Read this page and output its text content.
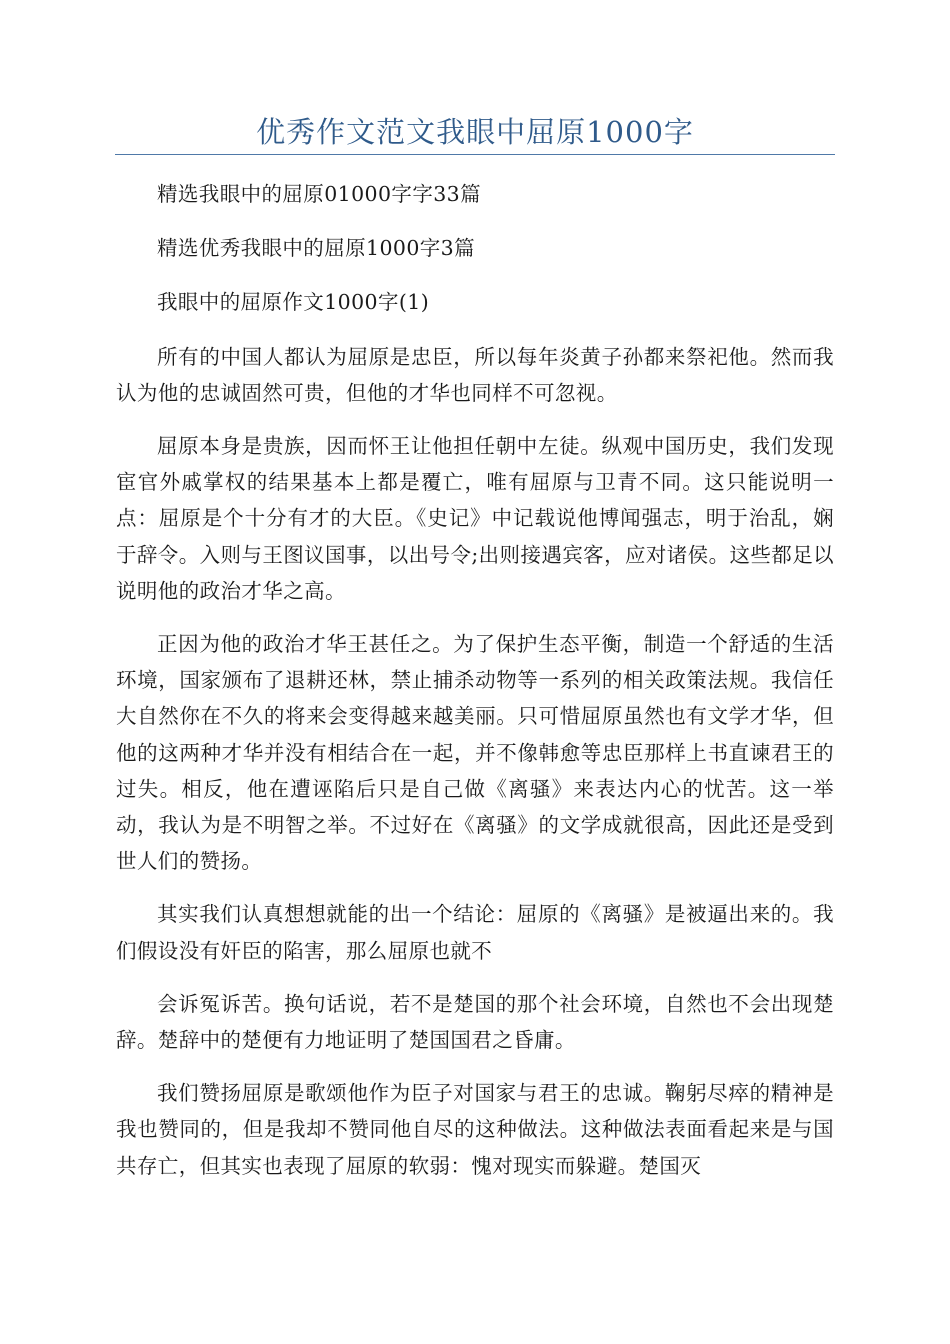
优秀作文范文我眼中屈原1000字

精选我眼中的屈原01000字字33篇

精选优秀我眼中的屈原1000字3篇

我眼中的屈原作文1000字(1)

所有的中国人都认为屈原是忠臣，所以每年炎黄子孙都来祭祀他。然而我认为他的忠诚固然可贵，但他的才华也同样不可忽视。

屈原本身是贵族，因而怀王让他担任朝中左徒。纵观中国历史，我们发现宦官外戚掌权的结果基本上都是覆亡，唯有屈原与卫青不同。这只能说明一点：屈原是个十分有才的大臣。《史记》中记载说他博闻强志，明于治乱，娴于辞令。入则与王图议国事，以出号令;出则接遇宾客，应对诸侯。这些都足以说明他的政治才华之高。

正因为他的政治才华王甚任之。为了保护生态平衡，制造一个舒适的生活环境，国家颁布了退耕还林，禁止捕杀动物等一系列的相关政策法规。我信任大自然你在不久的将来会变得越来越美丽。只可惜屈原虽然也有文学才华，但他的这两种才华并没有相结合在一起，并不像韩愈等忠臣那样上书直谏君王的过失。相反，他在遭诬陷后只是自己做《离骚》来表达内心的忧苦。这一举动，我认为是不明智之举。不过好在《离骚》的文学成就很高，因此还是受到世人们的赞扬。

其实我们认真想想就能的出一个结论：屈原的《离骚》是被逼出来的。我们假设没有奸臣的陷害，那么屈原也就不

会诉冤诉苦。换句话说，若不是楚国的那个社会环境，自然也不会出现楚辞。楚辞中的楚便有力地证明了楚国国君之昏庸。

我们赞扬屈原是歌颂他作为臣子对国家与君王的忠诚。鞠躬尽瘁的精神是我也赞同的，但是我却不赞同他自尽的这种做法。这种做法表面看起来是与国共存亡，但其实也表现了屈原的软弱：愧对现实而躲避。楚国灭
